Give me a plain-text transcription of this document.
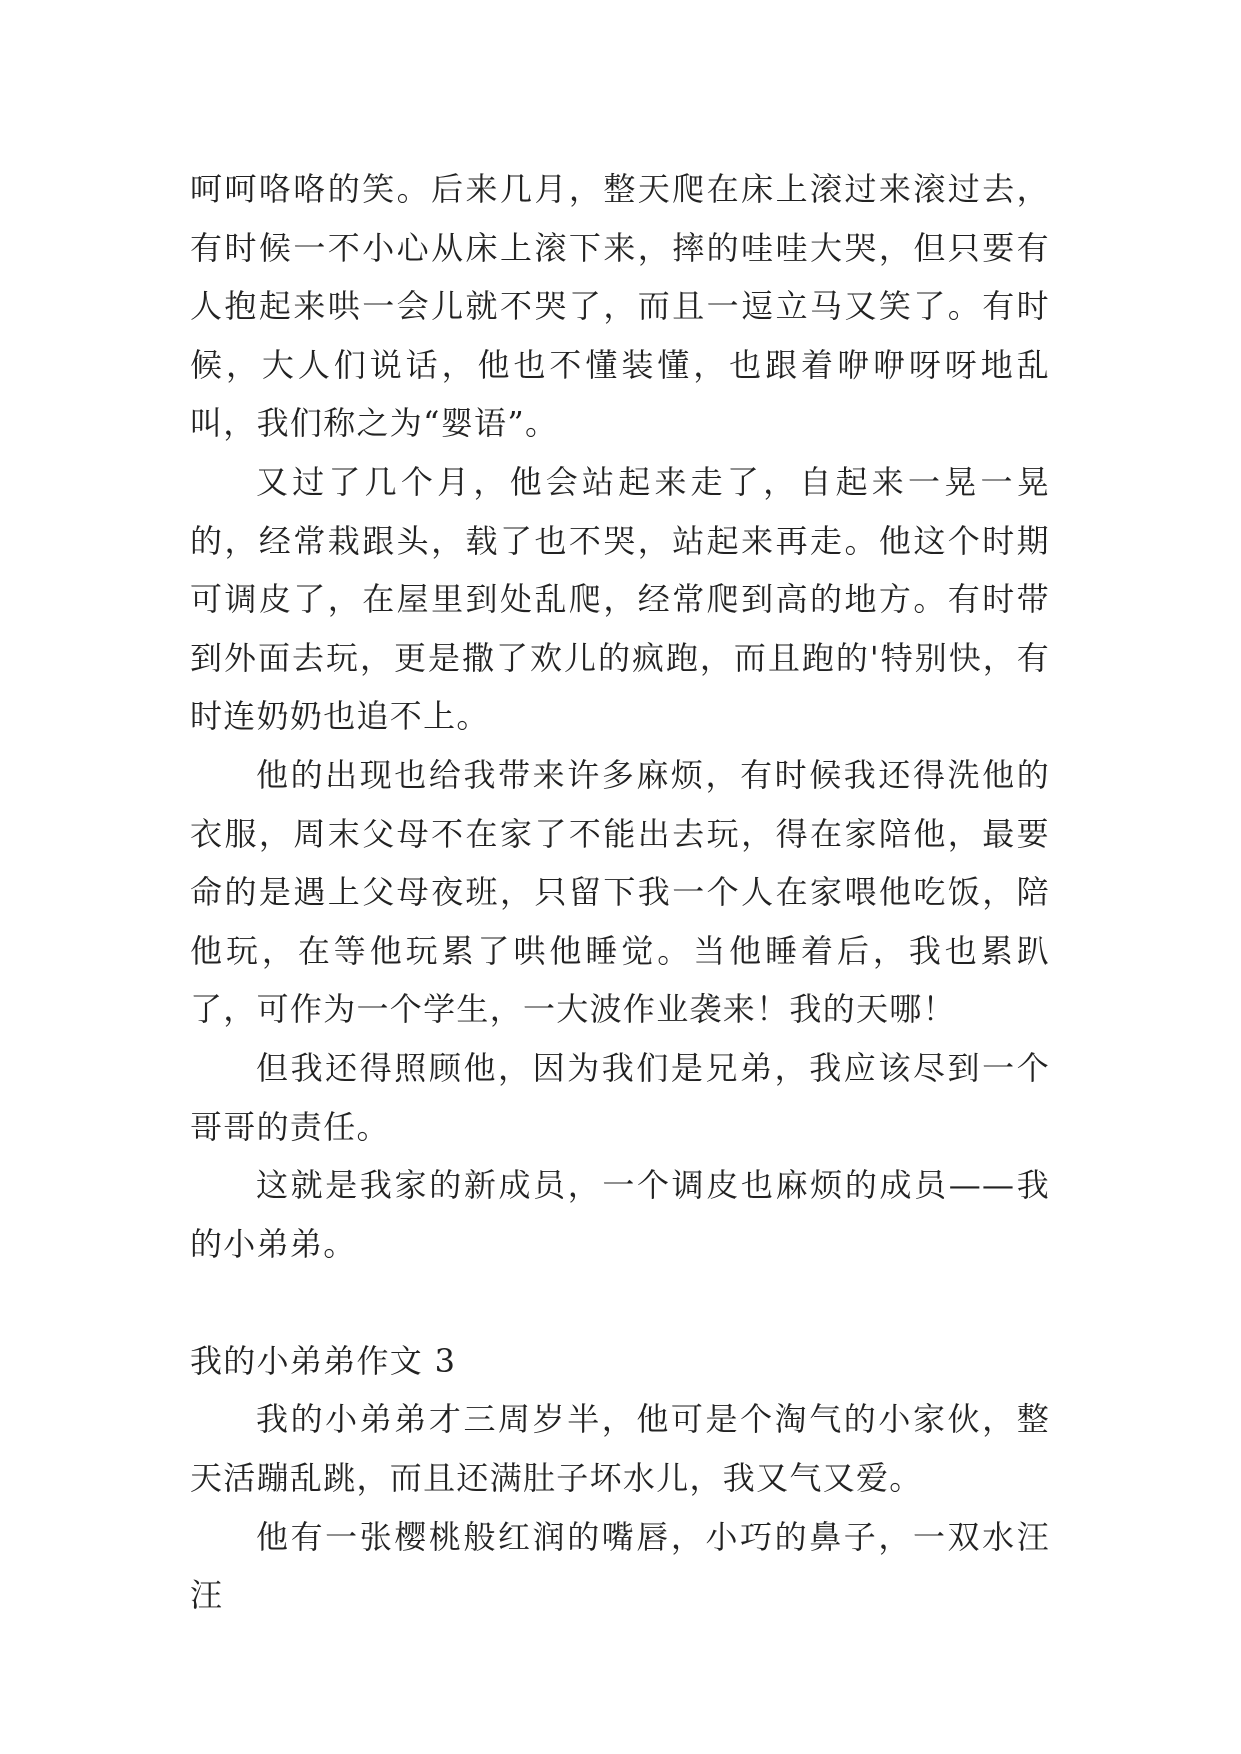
呵呵咯咯的笑。后来几月，整天爬在床上滚过来滚过去，有时候一不小心从床上滚下来，摔的哇哇大哭，但只要有人抱起来哄一会儿就不哭了，而且一逗立马又笑了。有时候，大人们说话，他也不懂装懂，也跟着咿咿呀呀地乱叫，我们称之为“婴语”。

又过了几个月，他会站起来走了，自起来一晃一晃的，经常栽跟头，载了也不哭，站起来再走。他这个时期可调皮了，在屋里到处乱爬，经常爬到高的地方。有时带到外面去玩，更是撒了欢儿的疯跑，而且跑的'特别快，有时连奶奶也追不上。

他的出现也给我带来许多麻烦，有时候我还得洗他的衣服，周末父母不在家了不能出去玩，得在家陪他，最要命的是遇上父母夜班，只留下我一个人在家喂他吃饭，陪他玩，在等他玩累了哄他睡觉。当他睡着后，我也累趴了，可作为一个学生，一大波作业袭来！我的天哪！

但我还得照顾他，因为我们是兄弟，我应该尽到一个哥哥的责任。

这就是我家的新成员，一个调皮也麻烦的成员——我的小弟弟。

我的小弟弟作文 3

我的小弟弟才三周岁半，他可是个淘气的小家伙，整天活蹦乱跳，而且还满肚子坏水儿，我又气又爱。

他有一张樱桃般红润的嘴唇，小巧的鼻子，一双水汪汪
